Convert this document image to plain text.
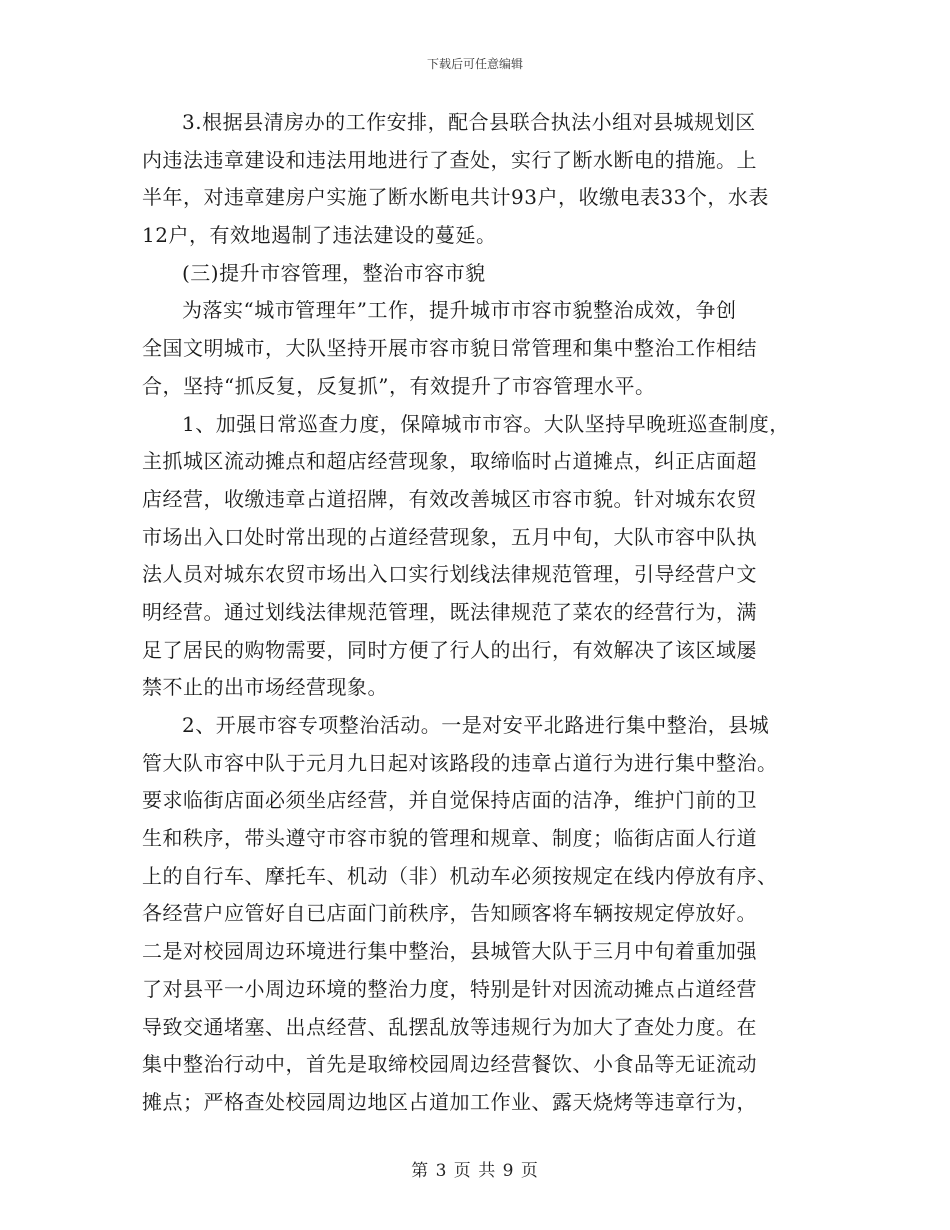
下载后可任意编辑
3.根据县清房办的工作安排，配合县联合执法小组对县城规划区
内违法违章建设和违法用地进行了查处，实行了断水断电的措施。上
半年，对违章建房户实施了断水断电共计93户，收缴电表33个，水表
12户，有效地遏制了违法建设的蔓延。
(三)提升市容管理，整治市容市貌
为落实“城市管理年”工作，提升城市市容市貌整治成效，争创
全国文明城市，大队坚持开展市容市貌日常管理和集中整治工作相结
合，坚持“抓反复，反复抓”，有效提升了市容管理水平。
1、加强日常巡查力度，保障城市市容。大队坚持早晚班巡查制度，
主抓城区流动摊点和超店经营现象，取缔临时占道摊点，纠正店面超
店经营，收缴违章占道招牌，有效改善城区市容市貌。针对城东农贸
市场出入口处时常出现的占道经营现象，五月中旬，大队市容中队执
法人员对城东农贸市场出入口实行划线法律规范管理，引导经营户文
明经营。通过划线法律规范管理，既法律规范了菜农的经营行为，满
足了居民的购物需要，同时方便了行人的出行，有效解决了该区域屡
禁不止的出市场经营现象。
2、开展市容专项整治活动。一是对安平北路进行集中整治，县城
管大队市容中队于元月九日起对该路段的违章占道行为进行集中整治。
要求临街店面必须坐店经营，并自觉保持店面的洁净，维护门前的卫
生和秩序，带头遵守市容市貌的管理和规章、制度；临街店面人行道
上的自行车、摩托车、机动（非）机动车必须按规定在线内停放有序、
各经营户应管好自已店面门前秩序，告知顾客将车辆按规定停放好。
二是对校园周边环境进行集中整治，县城管大队于三月中旬着重加强
了对县平一小周边环境的整治力度，特别是针对因流动摊点占道经营
导致交通堵塞、出点经营、乱摆乱放等违规行为加大了查处力度。在
集中整治行动中，首先是取缔校园周边经营餐饮、小食品等无证流动
摊点；严格查处校园周边地区占道加工作业、露天烧烤等违章行为，
第 3 页 共 9 页
